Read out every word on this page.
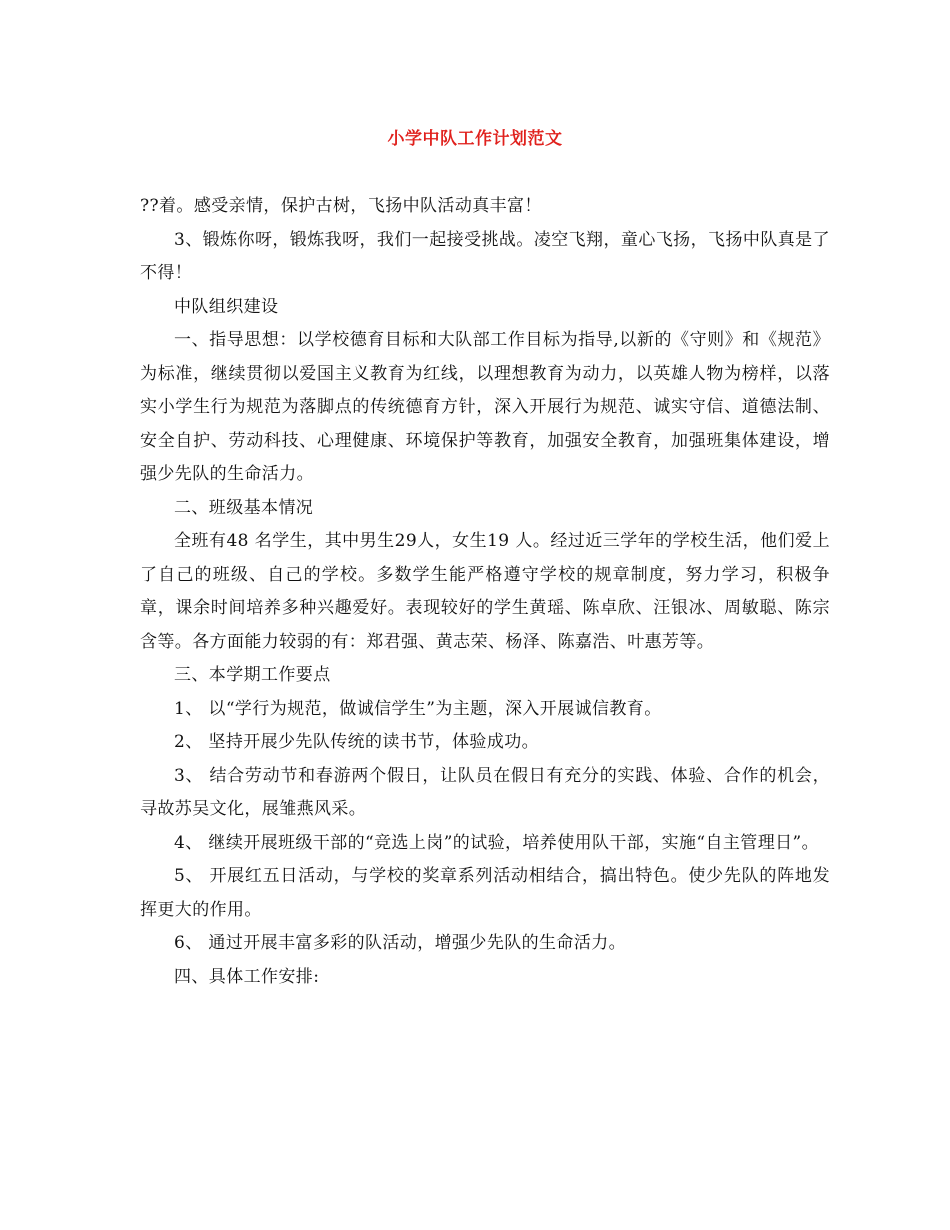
小学中队工作计划范文

??着。感受亲情，保护古树，飞扬中队活动真丰富！

3、锻炼你呀，锻炼我呀，我们一起接受挑战。凌空飞翔，童心飞扬，飞扬中队真是了不得！

中队组织建设

一、指导思想：以学校德育目标和大队部工作目标为指导,以新的《守则》和《规范》为标准，继续贯彻以爱国主义教育为红线，以理想教育为动力，以英雄人物为榜样，以落实小学生行为规范为落脚点的传统德育方针，深入开展行为规范、诚实守信、道德法制、安全自护、劳动科技、心理健康、环境保护等教育，加强安全教育，加强班集体建设，增强少先队的生命活力。

二、班级基本情况

全班有48 名学生，其中男生29人，女生19 人。经过近三学年的学校生活，他们爱上了自己的班级、自己的学校。多数学生能严格遵守学校的规章制度，努力学习，积极争章，课余时间培养多种兴趣爱好。表现较好的学生黄瑶、陈卓欣、汪银冰、周敏聪、陈宗含等。各方面能力较弱的有：郑君强、黄志荣、杨泽、陈嘉浩、叶惠芳等。

三、本学期工作要点

1、 以“学行为规范，做诚信学生”为主题，深入开展诚信教育。

2、 坚持开展少先队传统的读书节，体验成功。

3、 结合劳动节和春游两个假日，让队员在假日有充分的实践、体验、合作的机会，寻故苏吴文化，展雏燕风采。

4、 继续开展班级干部的“竞选上岗”的试验，培养使用队干部，实施“自主管理日”。

5、 开展红五日活动，与学校的奖章系列活动相结合，搞出特色。使少先队的阵地发挥更大的作用。

6、 通过开展丰富多彩的队活动，增强少先队的生命活力。

四、具体工作安排:
